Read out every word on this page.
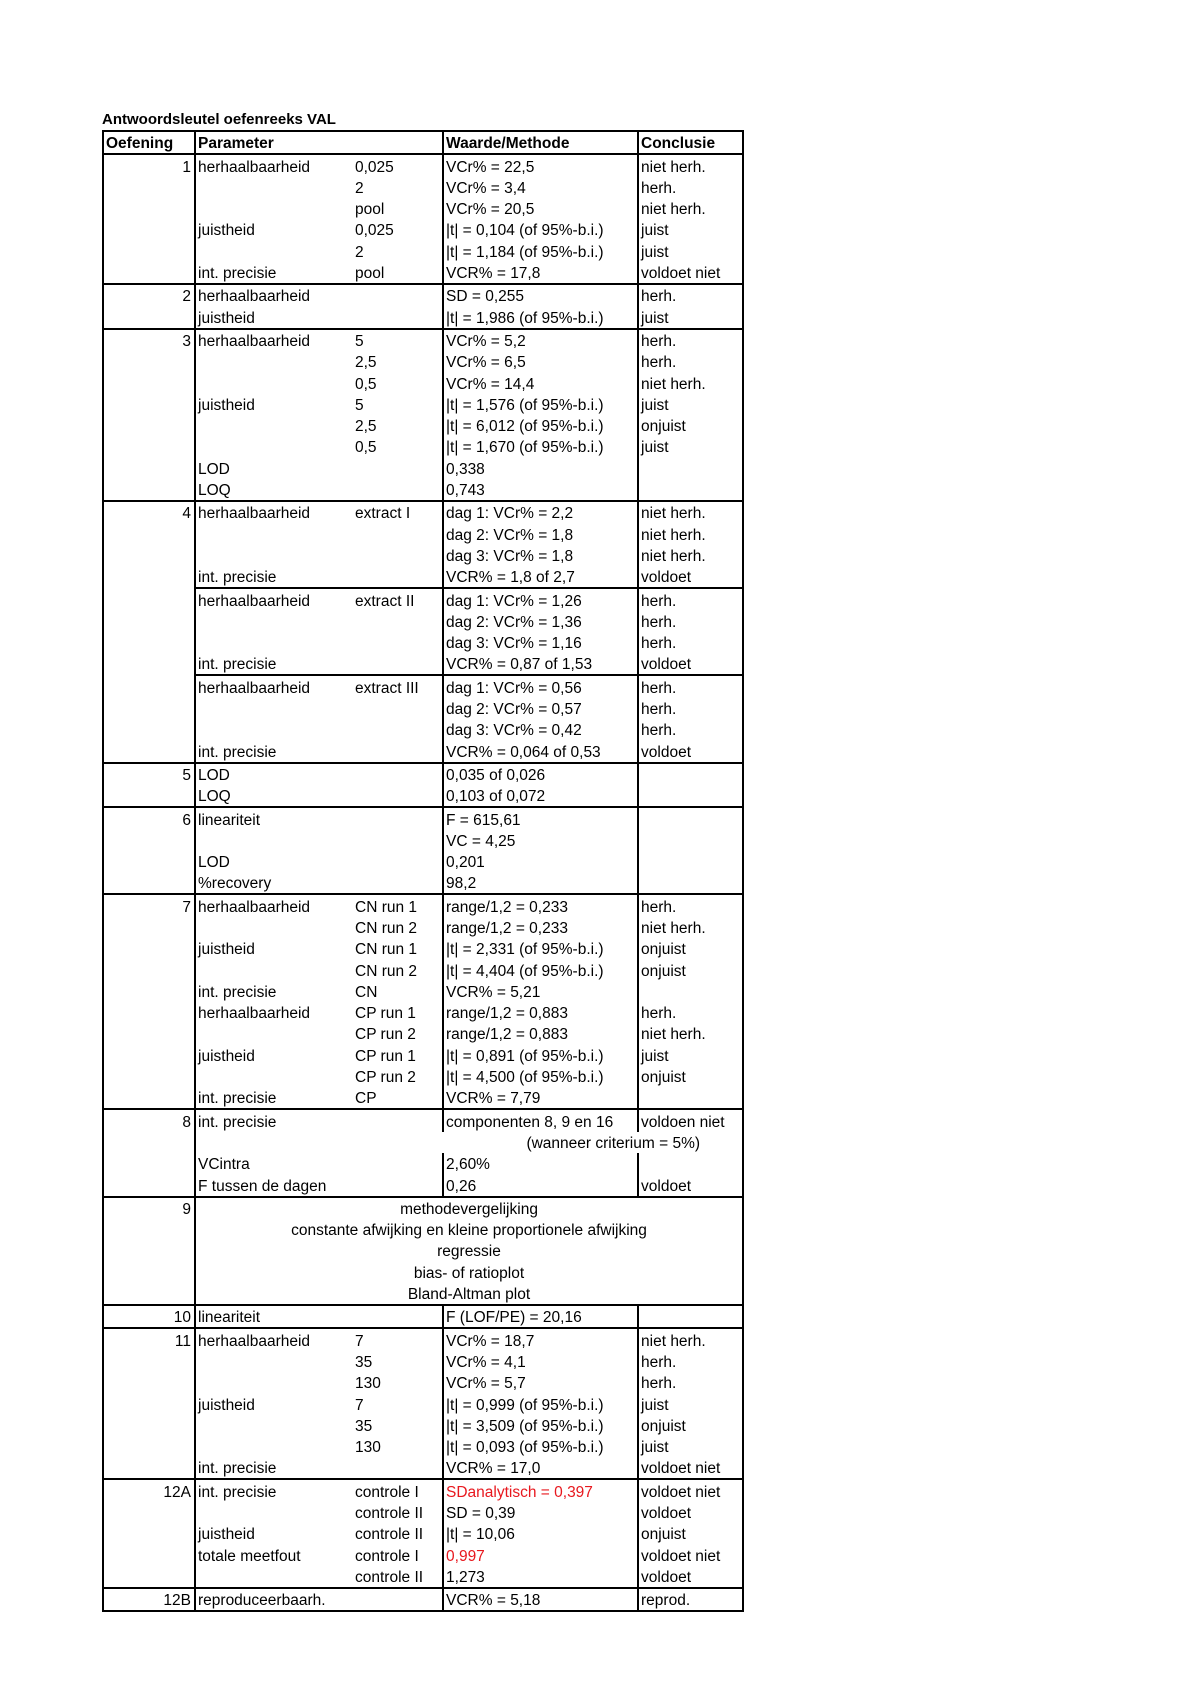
Antwoordsleutel oefenreeks VAL
Oefening	Parameter		Waarde/Methode	Conclusie
1	herhaalbaarheid	0,025	VCr% = 22,5	niet herh.
		2	VCr% = 3,4	herh.
		pool	VCr% = 20,5	niet herh.
	juistheid	0,025	|t| = 0,104 (of 95%-b.i.)	juist
		2	|t| = 1,184 (of 95%-b.i.)	juist
	int. precisie	pool	VCR% = 17,8	voldoet niet
2	herhaalbaarheid		SD = 0,255	herh.
	juistheid		|t| = 1,986 (of 95%-b.i.)	juist
3	herhaalbaarheid	5	VCr% = 5,2	herh.
		2,5	VCr% = 6,5	herh.
		0,5	VCr% = 14,4	niet herh.
	juistheid	5	|t| = 1,576 (of 95%-b.i.)	juist
		2,5	|t| = 6,012 (of 95%-b.i.)	onjuist
		0,5	|t| = 1,670 (of 95%-b.i.)	juist
	LOD		0,338	
	LOQ		0,743	
4	herhaalbaarheid	extract I	dag 1: VCr% = 2,2	niet herh.
			dag 2: VCr% = 1,8	niet herh.
			dag 3: VCr% = 1,8	niet herh.
	int. precisie		VCR% = 1,8 of 2,7	voldoet
	herhaalbaarheid	extract II	dag 1: VCr% = 1,26	herh.
			dag 2: VCr% = 1,36	herh.
			dag 3: VCr% = 1,16	herh.
	int. precisie		VCR% = 0,87 of 1,53	voldoet
	herhaalbaarheid	extract III	dag 1: VCr% = 0,56	herh.
			dag 2: VCr% = 0,57	herh.
			dag 3: VCr% = 0,42	herh.
	int. precisie		VCR% = 0,064 of 0,53	voldoet
5	LOD		0,035 of 0,026	
	LOQ		0,103 of 0,072	
6	lineariteit		F = 615,61	
			VC = 4,25	
	LOD		0,201	
	%recovery		98,2	
7	herhaalbaarheid	CN run 1	range/1,2 = 0,233	herh.
		CN run 2	range/1,2 = 0,233	niet herh.
	juistheid	CN run 1	|t| = 2,331 (of 95%-b.i.)	onjuist
		CN run 2	|t| = 4,404 (of 95%-b.i.)	onjuist
	int. precisie	CN	VCR% = 5,21	
	herhaalbaarheid	CP run 1	range/1,2 = 0,883	herh.
		CP run 2	range/1,2 = 0,883	niet herh.
	juistheid	CP run 1	|t| = 0,891 (of 95%-b.i.)	juist
		CP run 2	|t| = 4,500 (of 95%-b.i.)	onjuist
	int. precisie	CP	VCR% = 7,79	
8	int. precisie		componenten 8, 9 en 16	voldoen niet
	(wanneer criterium = 5%)			
	VCintra		2,60%	
	F tussen de dagen		0,26	voldoet
9	methodevergelijking			
	constante afwijking en kleine proportionele afwijking			
	regressie			
	bias- of ratioplot			
	Bland-Altman plot			
10	lineariteit		F (LOF/PE) = 20,16	
11	herhaalbaarheid	7	VCr% = 18,7	niet herh.
		35	VCr% = 4,1	herh.
		130	VCr% = 5,7	herh.
	juistheid	7	|t| = 0,999 (of 95%-b.i.)	juist
		35	|t| = 3,509 (of 95%-b.i.)	onjuist
		130	|t| = 0,093 (of 95%-b.i.)	juist
	int. precisie		VCR% = 17,0	voldoet niet
12A	int. precisie	controle I	SDanalytisch = 0,397	voldoet niet
		controle II	SD = 0,39	voldoet
	juistheid	controle II	|t| = 10,06	onjuist
	totale meetfout	controle I	0,997	voldoet niet
		controle II	1,273	voldoet
12B	reproduceerbaarh.		VCR% = 5,18	reprod.
